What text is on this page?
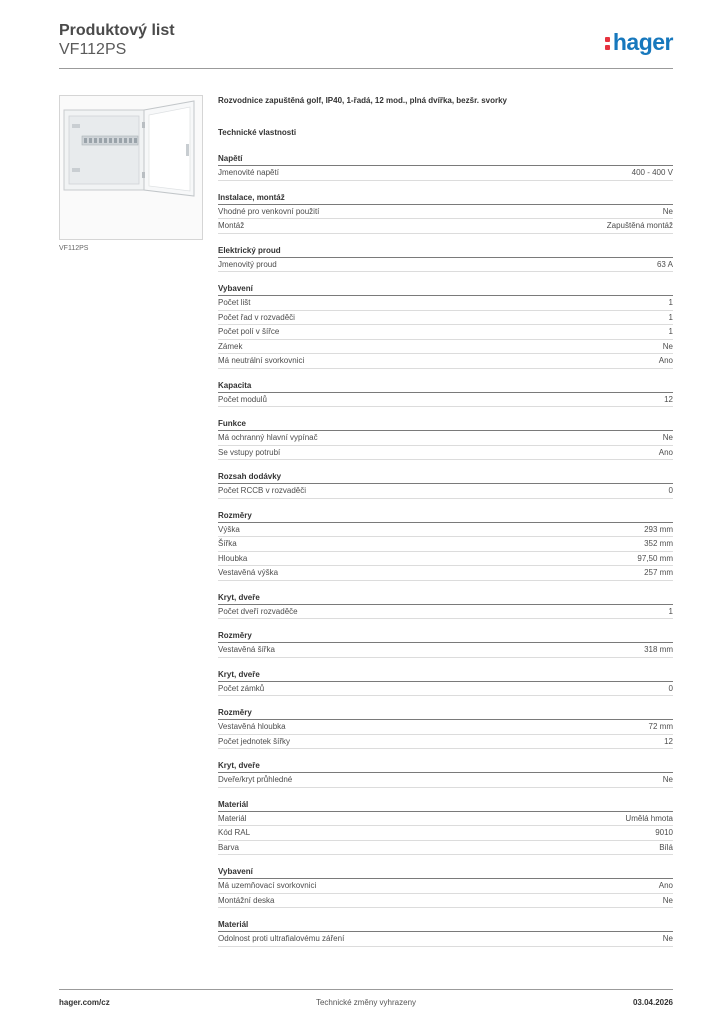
Produktový list
VF112PS	hager
VF112PS
Rozvodnice zapuštěná golf, IP40, 1-řadá, 12 mod., plná dvířka, bezšr. svorky
Technické vlastnosti
Napětí
Jmenovité napětí	400 - 400 V
Instalace, montáž
Vhodné pro venkovní použití	Ne
Montáž	Zapuštěná montáž
Elektrický proud
Jmenovitý proud	63 A
Vybavení
Počet lišt	1
Počet řad v rozvaděči	1
Počet polí v šířce	1
Zámek	Ne
Má neutrální svorkovnici	Ano
Kapacita
Počet modulů	12
Funkce
Má ochranný hlavní vypínač	Ne
Se vstupy potrubí	Ano
Rozsah dodávky
Počet RCCB v rozvaděči	0
Rozměry
Výška	293 mm
Šířka	352 mm
Hloubka	97,50 mm
Vestavěná výška	257 mm
Kryt, dveře
Počet dveří rozvaděče	1
Rozměry
Vestavěná šířka	318 mm
Kryt, dveře
Počet zámků	0
Rozměry
Vestavěná hloubka	72 mm
Počet jednotek šířky	12
Kryt, dveře
Dveře/kryt průhledné	Ne
Materiál
Materiál	Umělá hmota
Kód RAL	9010
Barva	Bílá
Vybavení
Má uzemňovací svorkovnici	Ano
Montážní deska	Ne
Materiál
Odolnost proti ultrafialovému záření	Ne
hager.com/cz	Technické změny vyhrazeny	03.04.2026
